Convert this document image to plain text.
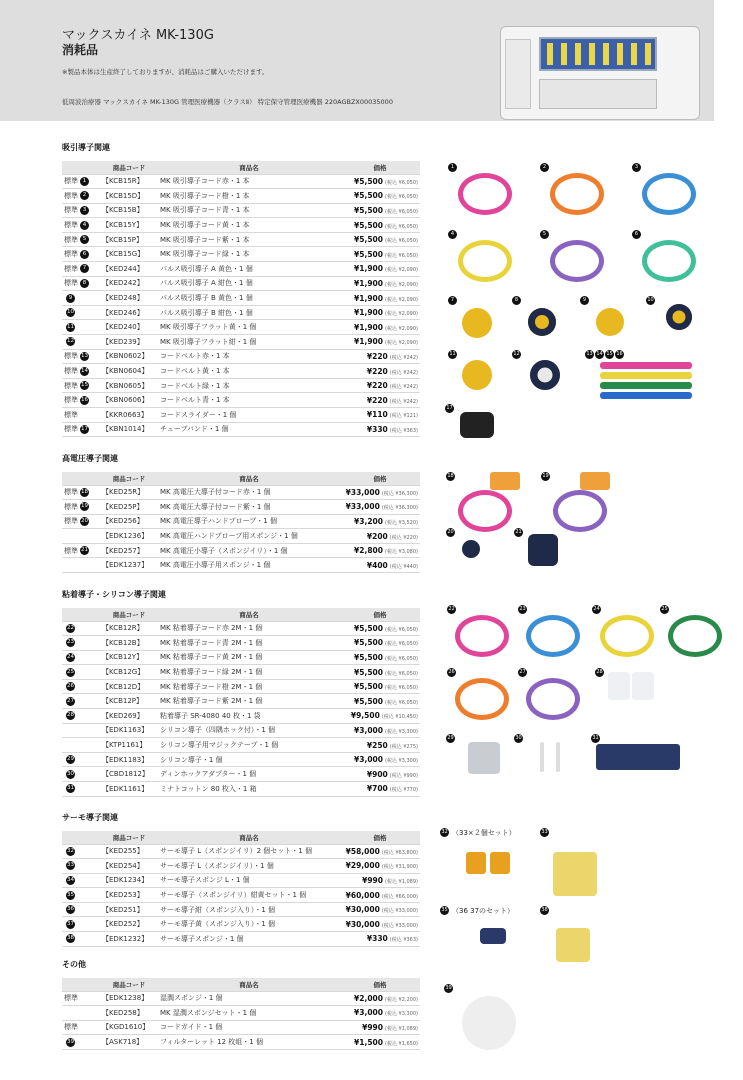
マックスカイネ MK-130G
消耗品
※製品本体は生産終了しておりますが、消耗品はご購入いただけます。
低周波治療器 マックスカイネ MK-130G 管理医療機器（クラスⅡ） 特定保守管理医療機器 220AGBZX00035000
吸引導子関連
	商品コード	商品名	価格
標準 1	【KCB15R】	MK 吸引導子コード赤・1 本	¥5,500 (税込 ¥6,050)
標準 2	【KCB15D】	MK 吸引導子コード橙・1 本	¥5,500 (税込 ¥6,050)
標準 3	【KCB15B】	MK 吸引導子コード青・1 本	¥5,500 (税込 ¥6,050)
標準 4	【KCB15Y】	MK 吸引導子コード黄・1 本	¥5,500 (税込 ¥6,050)
標準 5	【KCB15P】	MK 吸引導子コード紫・1 本	¥5,500 (税込 ¥6,050)
標準 6	【KCB15G】	MK 吸引導子コード緑・1 本	¥5,500 (税込 ¥6,050)
標準 7	【KED244】	パルス吸引導子 A 黄色・1 個	¥1,900 (税込 ¥2,090)
標準 8	【KED242】	パルス吸引導子 A 紺色・1 個	¥1,900 (税込 ¥2,090)
9	【KED248】	パルス吸引導子 B 黄色・1 個	¥1,900 (税込 ¥2,090)
10	【KED246】	パルス吸引導子 B 紺色・1 個	¥1,900 (税込 ¥2,090)
11	【KED240】	MK 吸引導子フラット黄・1 個	¥1,900 (税込 ¥2,090)
12	【KED239】	MK 吸引導子フラット紺・1 個	¥1,900 (税込 ¥2,090)
標準 13	【KBN0602】	コードベルト赤・1 本	¥220 (税込 ¥242)
標準 14	【KBN0604】	コードベルト黄・1 本	¥220 (税込 ¥242)
標準 15	【KBN0605】	コードベルト緑・1 本	¥220 (税込 ¥242)
標準 16	【KBN0606】	コードベルト青・1 本	¥220 (税込 ¥242)
標準	【KKR0663】	コードスライダー・1 個	¥110 (税込 ¥121)
標準 17	【KBN1014】	チューブバンド・1 個	¥330 (税込 ¥363)
高電圧導子関連
	商品コード	商品名	価格
標準 18	【KED25R】	MK 高電圧大導子付コード赤・1 個	¥33,000 (税込 ¥36,300)
標準 19	【KED25P】	MK 高電圧大導子付コード紫・1 個	¥33,000 (税込 ¥36,300)
標準 20	【KED256】	MK 高電圧導子ハンドプローブ・1 個	¥3,200 (税込 ¥3,520)
	【EDK1236】	MK 高電圧ハンドプローブ用スポンジ・1 個	¥200 (税込 ¥220)
標準 21	【KED257】	MK 高電圧小導子（スポンジイリ）・1 個	¥2,800 (税込 ¥3,080)
	【EDK1237】	MK 高電圧小導子用スポンジ・1 個	¥400 (税込 ¥440)
粘着導子・シリコン導子関連
	商品コード	商品名	価格
22	【KCB12R】	MK 粘着導子コード赤 2M・1 個	¥5,500 (税込 ¥6,050)
23	【KCB12B】	MK 粘着導子コード青 2M・1 個	¥5,500 (税込 ¥6,050)
24	【KCB12Y】	MK 粘着導子コード黄 2M・1 個	¥5,500 (税込 ¥6,050)
25	【KCB12G】	MK 粘着導子コード緑 2M・1 個	¥5,500 (税込 ¥6,050)
26	【KCB12D】	MK 粘着導子コード橙 2M・1 個	¥5,500 (税込 ¥6,050)
27	【KCB12P】	MK 粘着導子コード紫 2M・1 個	¥5,500 (税込 ¥6,050)
28	【KED269】	粘着導子 SR-4080 40 枚・1 袋	¥9,500 (税込 ¥10,450)
	【EDK1163】	シリコン導子（四隅ホック付）・1 個	¥3,000 (税込 ¥3,300)
	【KTP1161】	シリコン導子用マジックテープ・1 個	¥250 (税込 ¥275)
29	【EDK1183】	シリコン導子・1 個	¥3,000 (税込 ¥3,300)
30	【CBD1812】	ディンホックアダプター・1 個	¥900 (税込 ¥990)
31	【EDK1161】	ミナトコットン 80 枚入・1 箱	¥700 (税込 ¥770)
サーモ導子関連
	商品コード	商品名	価格
32	【KED255】	サーモ導子 L（スポンジイリ）2 個セット・1 個	¥58,000 (税込 ¥63,800)
33	【KED254】	サーモ導子 L（スポンジイリ）・1 個	¥29,000 (税込 ¥31,900)
34	【EDK1234】	サーモ導子スポンジ L・1 個	¥990 (税込 ¥1,089)
35	【KED253】	サーモ導子（スポンジイリ）紺黄セット・1 個	¥60,000 (税込 ¥66,000)
36	【KED251】	サーモ導子紺（スポンジ入り）・1 個	¥30,000 (税込 ¥33,000)
37	【KED252】	サーモ導子黄（スポンジ入り）・1 個	¥30,000 (税込 ¥33,000)
38	【EDK1232】	サーモ導子スポンジ・1 個	¥330 (税込 ¥363)
その他
	商品コード	商品名	価格
標準	【EDK1238】	湿潤スポンジ・1 個	¥2,000 (税込 ¥2,200)
	【KED258】	MK 湿潤スポンジセット・1 個	¥3,000 (税込 ¥3,300)
標準	【KGD1610】	コードガイド・1 個	¥990 (税込 ¥1,089)
39	【ASK718】	フィルターレット 12 枚組・1 個	¥1,500 (税込 ¥1,650)
1	2	3
4	5	6
7	8	9	10
11	12	13 14 15 16
17
18	19
20	21
22	23	24	25
26	27	28
29	30	31
32 （33×２個セット）	33
35 （36 37のセット）	38
39
